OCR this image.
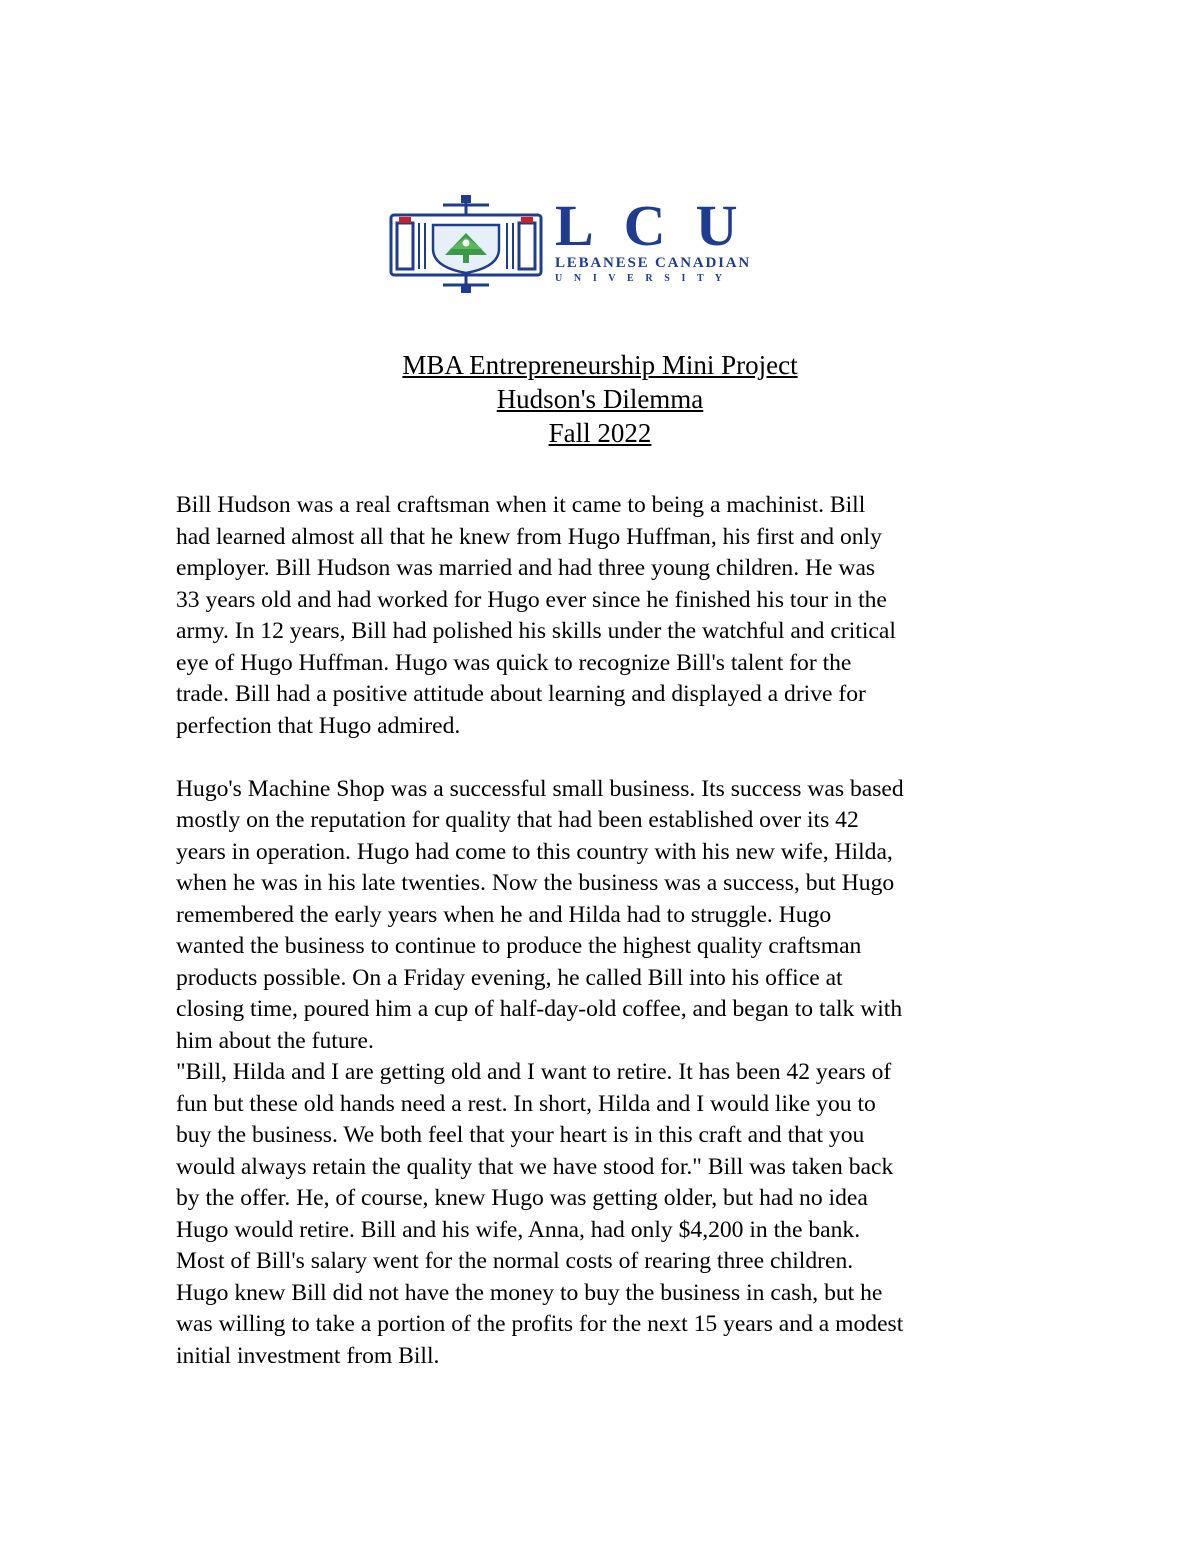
LCU
LEBANESE CANADIAN
U N I V E R S I T Y
MBA Entrepreneurship Mini Project
Hudson's Dilemma
Fall 2022
Bill Hudson was a real craftsman when it came to being a machinist. Bill
had learned almost all that he knew from Hugo Huffman, his first and only
employer. Bill Hudson was married and had three young children. He was
33 years old and had worked for Hugo ever since he finished his tour in the
army. In 12 years, Bill had polished his skills under the watchful and critical
eye of Hugo Huffman. Hugo was quick to recognize Bill's talent for the
trade. Bill had a positive attitude about learning and displayed a drive for
perfection that Hugo admired.
Hugo's Machine Shop was a successful small business. Its success was based
mostly on the reputation for quality that had been established over its 42
years in operation. Hugo had come to this country with his new wife, Hilda,
when he was in his late twenties. Now the business was a success, but Hugo
remembered the early years when he and Hilda had to struggle. Hugo
wanted the business to continue to produce the highest quality craftsman
products possible. On a Friday evening, he called Bill into his office at
closing time, poured him a cup of half-day-old coffee, and began to talk with
him about the future.
"Bill, Hilda and I are getting old and I want to retire. It has been 42 years of
fun but these old hands need a rest. In short, Hilda and I would like you to
buy the business. We both feel that your heart is in this craft and that you
would always retain the quality that we have stood for." Bill was taken back
by the offer. He, of course, knew Hugo was getting older, but had no idea
Hugo would retire. Bill and his wife, Anna, had only $4,200 in the bank.
Most of Bill's salary went for the normal costs of rearing three children.
Hugo knew Bill did not have the money to buy the business in cash, but he
was willing to take a portion of the profits for the next 15 years and a modest
initial investment from Bill.
